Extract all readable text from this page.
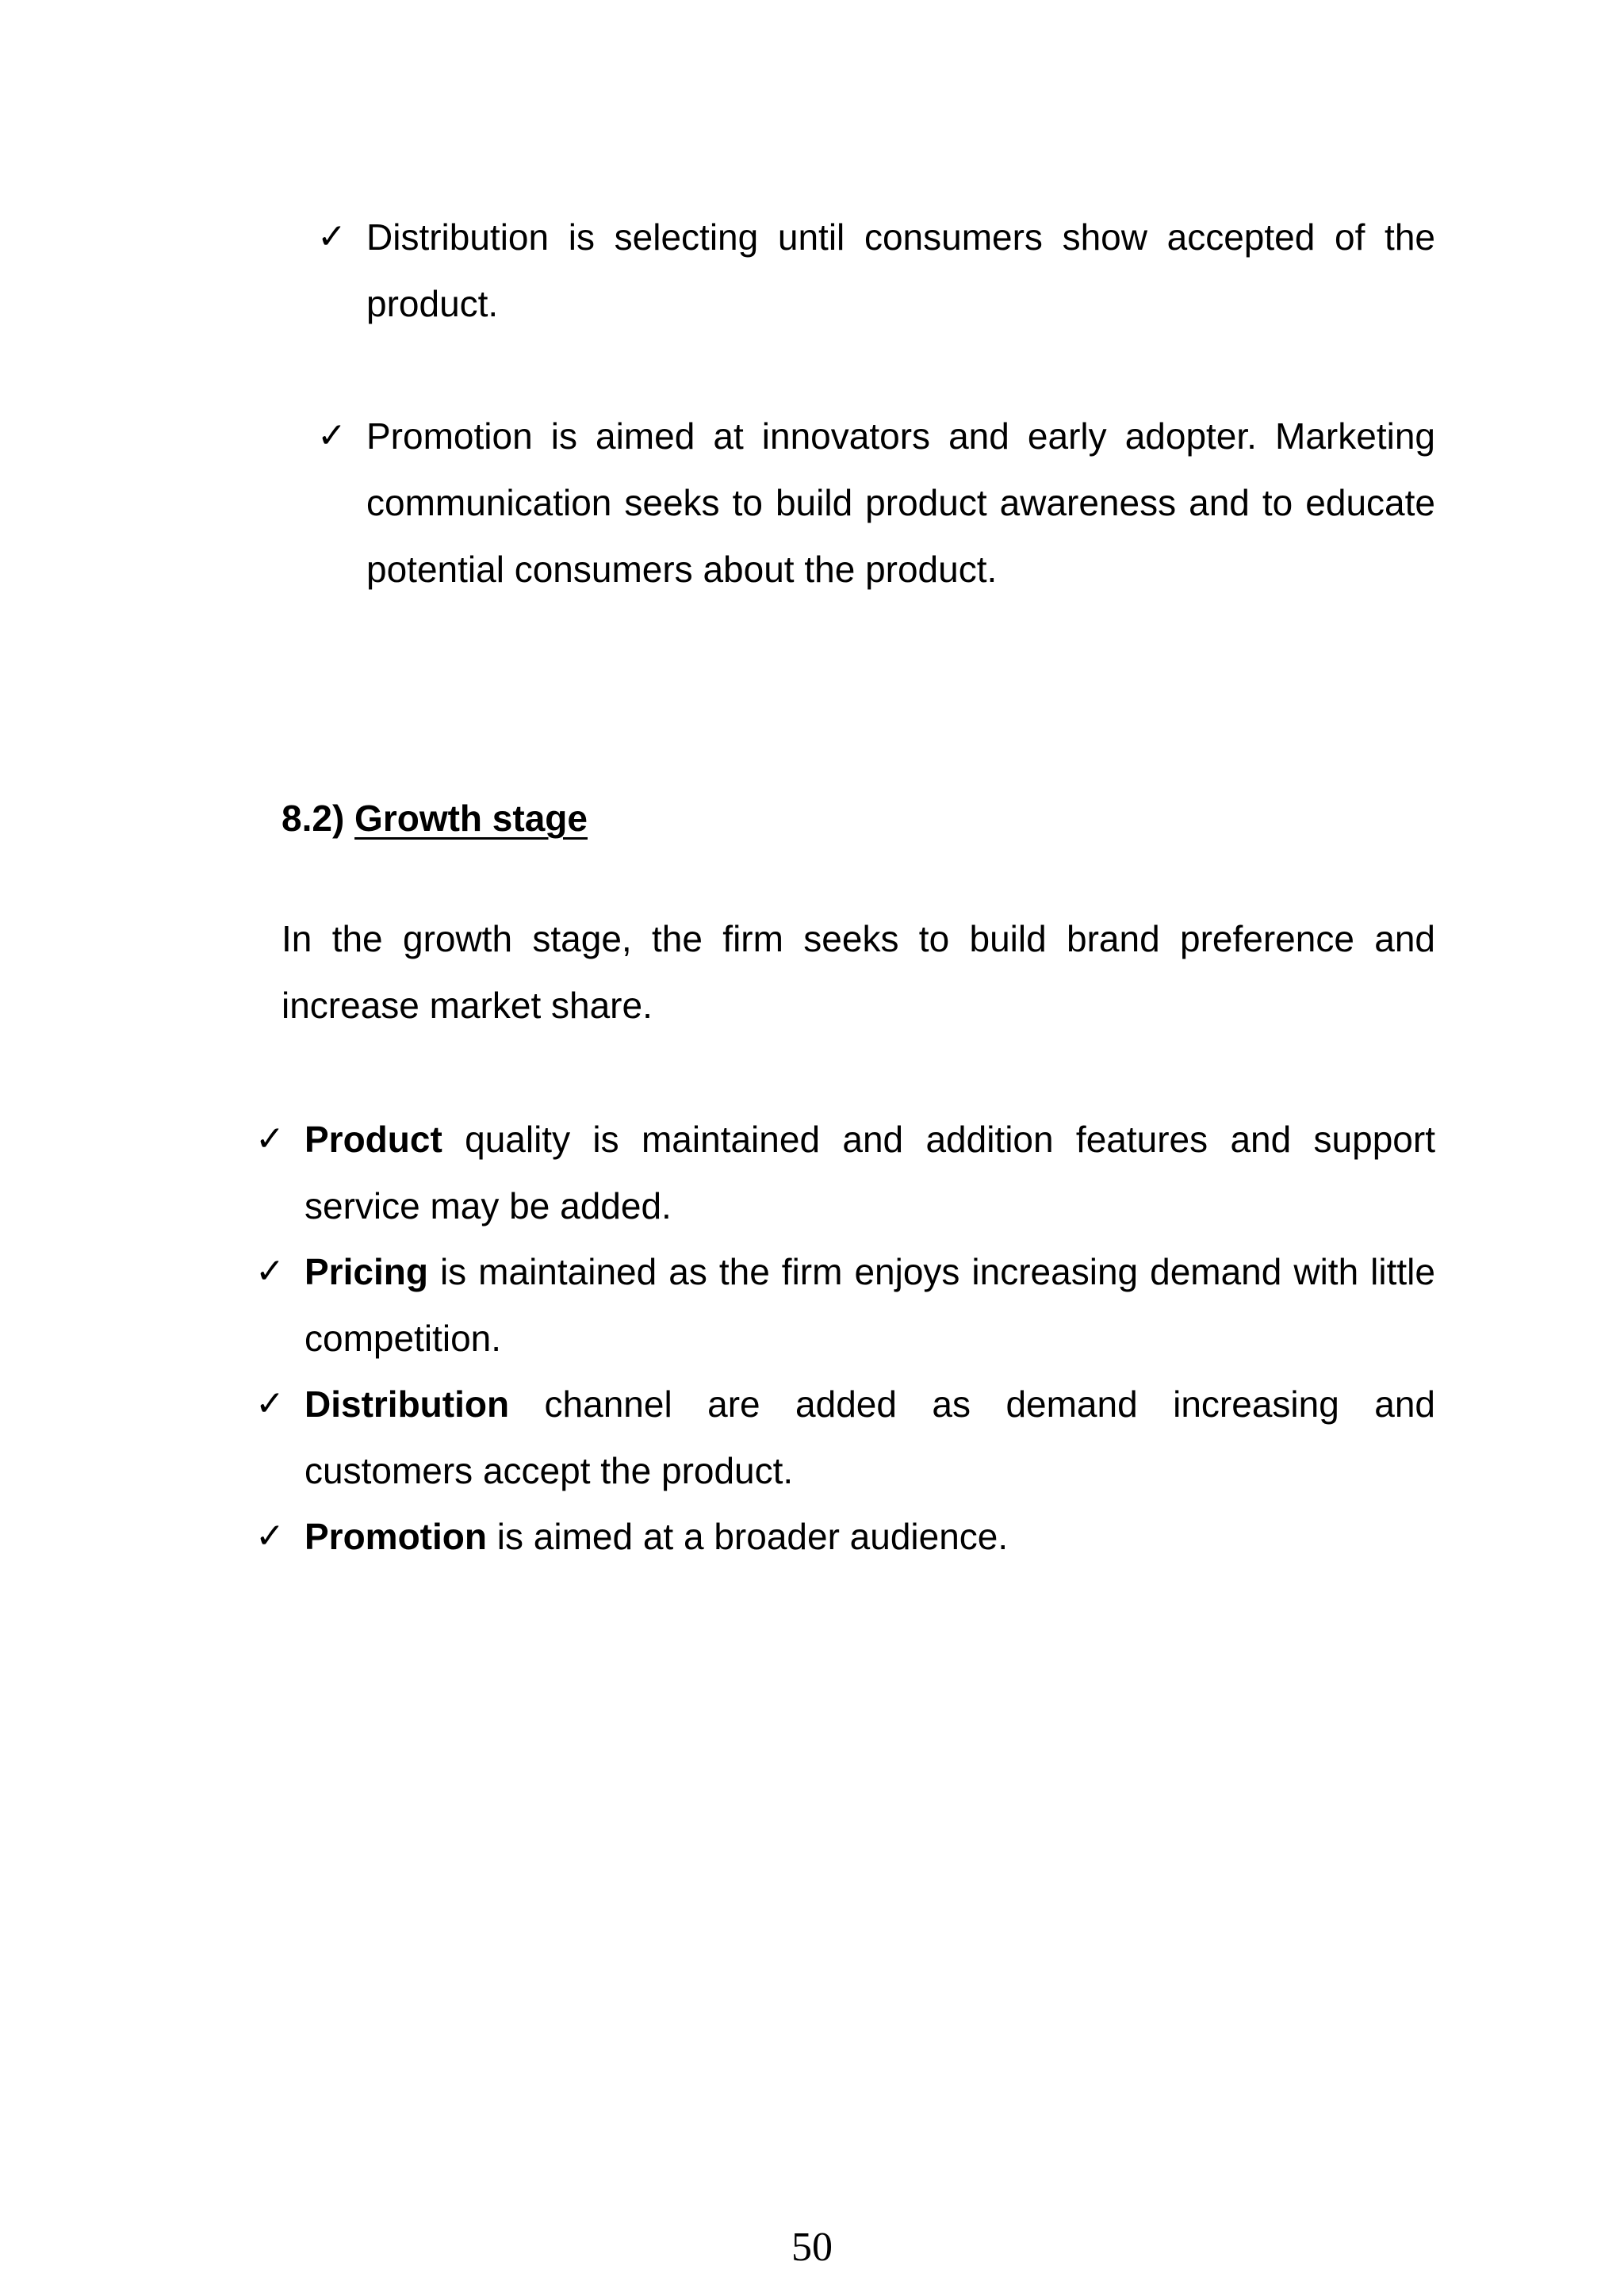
✓ Distribution is selecting until consumers show accepted of the product.

✓ Promotion is aimed at innovators and early adopter. Marketing communication seeks to build product awareness and to educate potential consumers about the product.

8.2) Growth stage

In the growth stage, the firm seeks to build brand preference and increase market share.

✓ Product quality is maintained and addition features and support service may be added.

✓ Pricing is maintained as the firm enjoys increasing demand with little competition.

✓ Distribution channel are added as demand increasing and customers accept the product.

✓ Promotion is aimed at a broader audience.

50
